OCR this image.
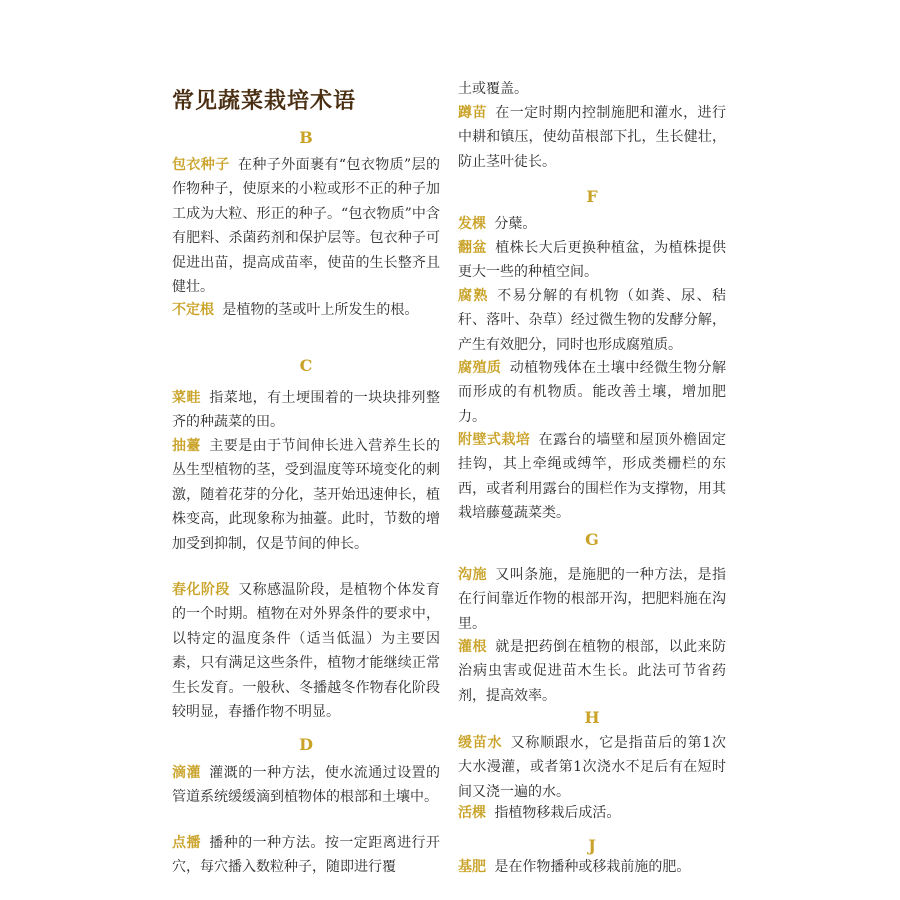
常见蔬菜栽培术语
B

包衣种子 在种子外面裹有“包衣物质”层的作物种子，使原来的小粒或形不正的种子加工成为大粒、形正的种子。“包衣物质”中含有肥料、杀菌药剂和保护层等。包衣种子可促进出苗，提高成苗率，使苗的生长整齐且健壮。

不定根 是植物的茎或叶上所发生的根。

C

菜畦 指菜地，有土埂围着的一块块排列整齐的种蔬菜的田。

抽薹 主要是由于节间伸长进入营养生长的丛生型植物的茎，受到温度等环境变化的刺激，随着花芽的分化，茎开始迅速伸长，植株变高，此现象称为抽薹。此时，节数的增加受到抑制，仅是节间的伸长。

春化阶段 又称感温阶段，是植物个体发育的一个时期。植物在对外界条件的要求中，以特定的温度条件（适当低温）为主要因素，只有满足这些条件，植物才能继续正常生长发育。一般秋、冬播越冬作物春化阶段较明显，春播作物不明显。

D

滴灌 灌溉的一种方法，使水流通过设置的管道系统缓缓滴到植物体的根部和土壤中。

点播 播种的一种方法。按一定距离进行开穴，每穴播入数粒种子，随即进行覆

土或覆盖。

蹲苗 在一定时期内控制施肥和灌水，进行中耕和镇压，使幼苗根部下扎，生长健壮，防止茎叶徒长。

F

发棵 分蘖。

翻盆 植株长大后更换种植盆，为植株提供更大一些的种植空间。

腐熟 不易分解的有机物（如粪、尿、秸秆、落叶、杂草）经过微生物的发酵分解，产生有效肥分，同时也形成腐殖质。

腐殖质 动植物残体在土壤中经微生物分解而形成的有机物质。能改善土壤，增加肥力。

附壁式栽培 在露台的墙壁和屋顶外檐固定挂钩，其上牵绳或缚竿，形成类栅栏的东西，或者利用露台的围栏作为支撑物，用其栽培藤蔓蔬菜类。

G

沟施 又叫条施，是施肥的一种方法，是指在行间靠近作物的根部开沟，把肥料施在沟里。

灌根 就是把药倒在植物的根部，以此来防治病虫害或促进苗木生长。此法可节省药剂，提高效率。

H

缓苗水 又称顺跟水，它是指苗后的第1次大水漫灌，或者第1次浇水不足后有在短时间又浇一遍的水。

活棵 指植物移栽后成活。

J

基肥 是在作物播种或移栽前施的肥。
